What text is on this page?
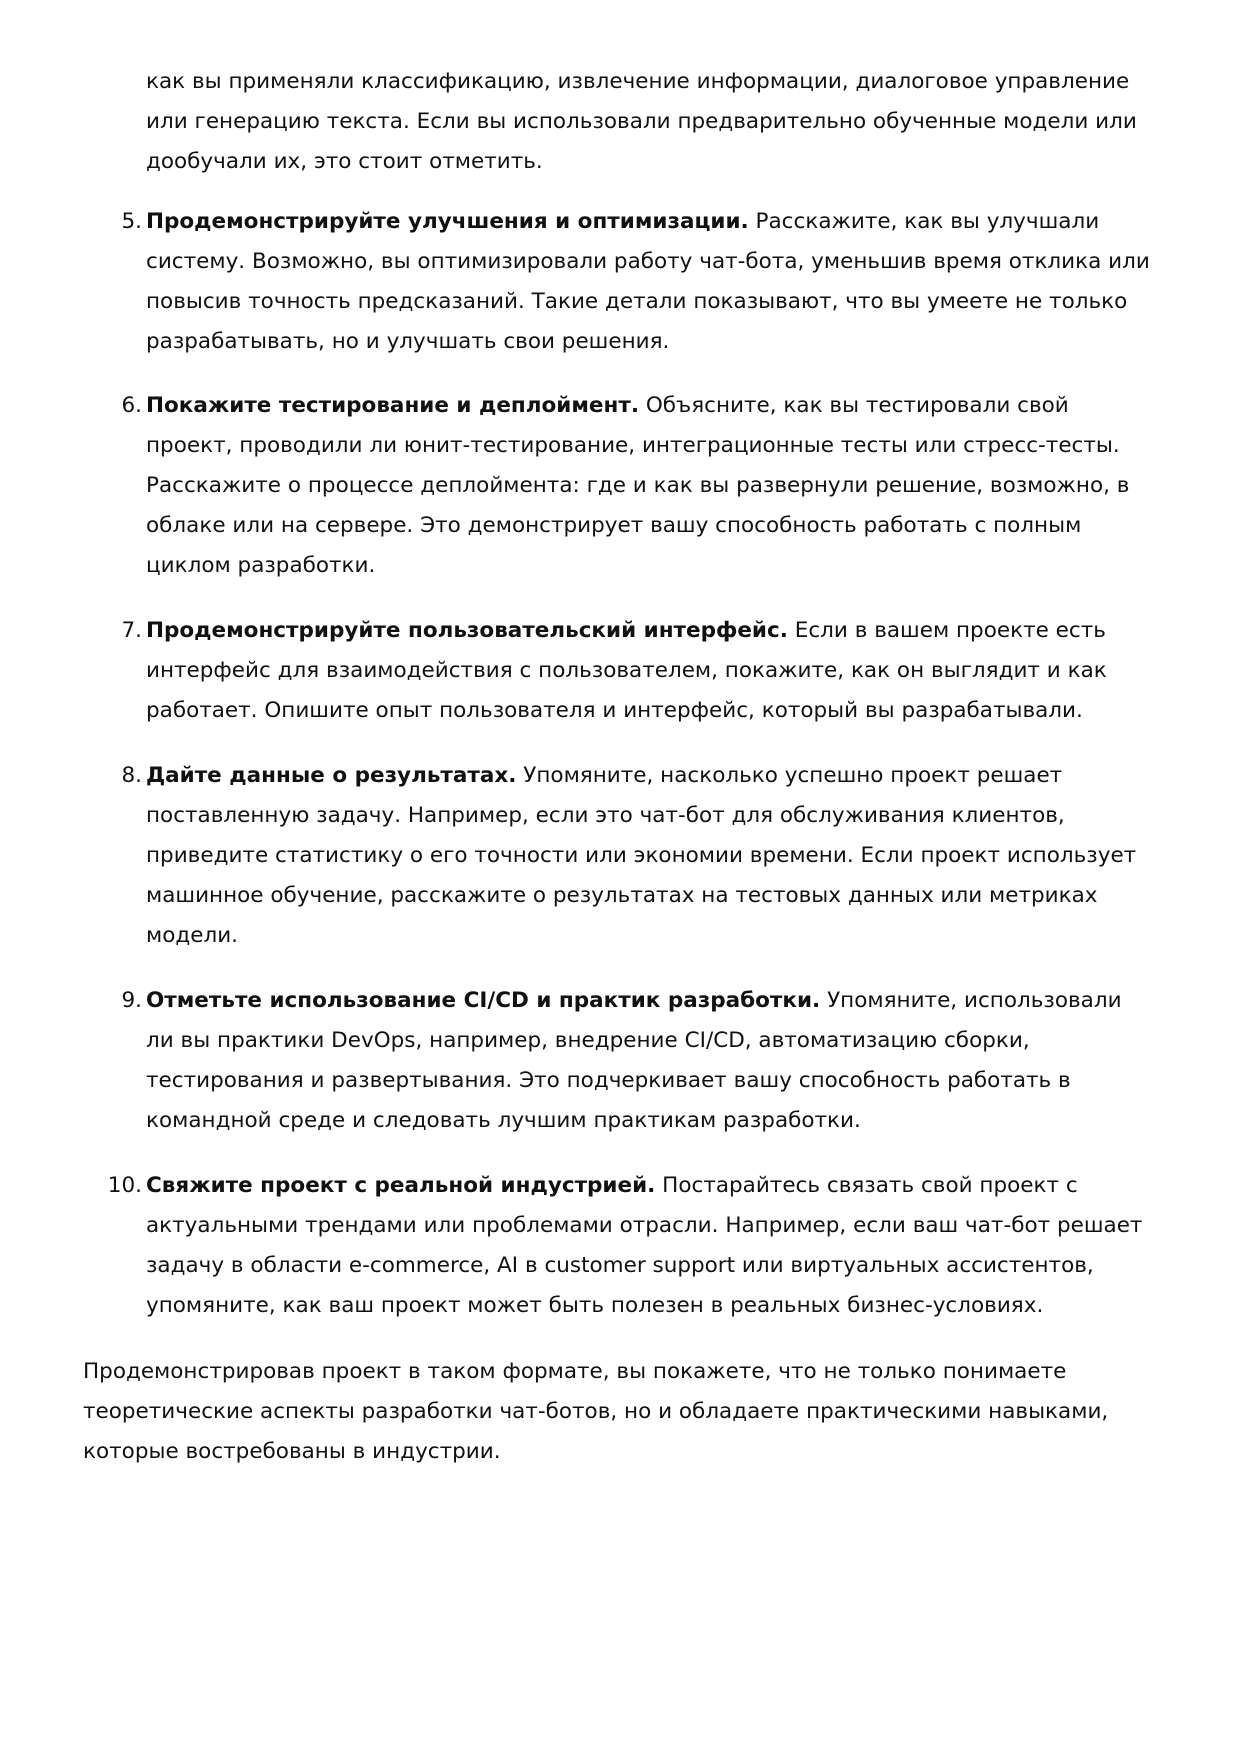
как вы применяли классификацию, извлечение информации, диалоговое управление или генерацию текста. Если вы использовали предварительно обученные модели или дообучали их, это стоит отметить.

5. Продемонстрируйте улучшения и оптимизации. Расскажите, как вы улучшали систему. Возможно, вы оптимизировали работу чат-бота, уменьшив время отклика или повысив точность предсказаний. Такие детали показывают, что вы умеете не только разрабатывать, но и улучшать свои решения.

6. Покажите тестирование и деплоймент. Объясните, как вы тестировали свой проект, проводили ли юнит-тестирование, интеграционные тесты или стресс-тесты. Расскажите о процессе деплоймента: где и как вы развернули решение, возможно, в облаке или на сервере. Это демонстрирует вашу способность работать с полным циклом разработки.

7. Продемонстрируйте пользовательский интерфейс. Если в вашем проекте есть интерфейс для взаимодействия с пользователем, покажите, как он выглядит и как работает. Опишите опыт пользователя и интерфейс, который вы разрабатывали.

8. Дайте данные о результатах. Упомяните, насколько успешно проект решает поставленную задачу. Например, если это чат-бот для обслуживания клиентов, приведите статистику о его точности или экономии времени. Если проект использует машинное обучение, расскажите о результатах на тестовых данных или метриках модели.

9. Отметьте использование CI/CD и практик разработки. Упомяните, использовали ли вы практики DevOps, например, внедрение CI/CD, автоматизацию сборки, тестирования и развертывания. Это подчеркивает вашу способность работать в командной среде и следовать лучшим практикам разработки.

10. Свяжите проект с реальной индустрией. Постарайтесь связать свой проект с актуальными трендами или проблемами отрасли. Например, если ваш чат-бот решает задачу в области e-commerce, AI в customer support или виртуальных ассистентов, упомяните, как ваш проект может быть полезен в реальных бизнес-условиях.

Продемонстрировав проект в таком формате, вы покажете, что не только понимаете теоретические аспекты разработки чат-ботов, но и обладаете практическими навыками, которые востребованы в индустрии.
